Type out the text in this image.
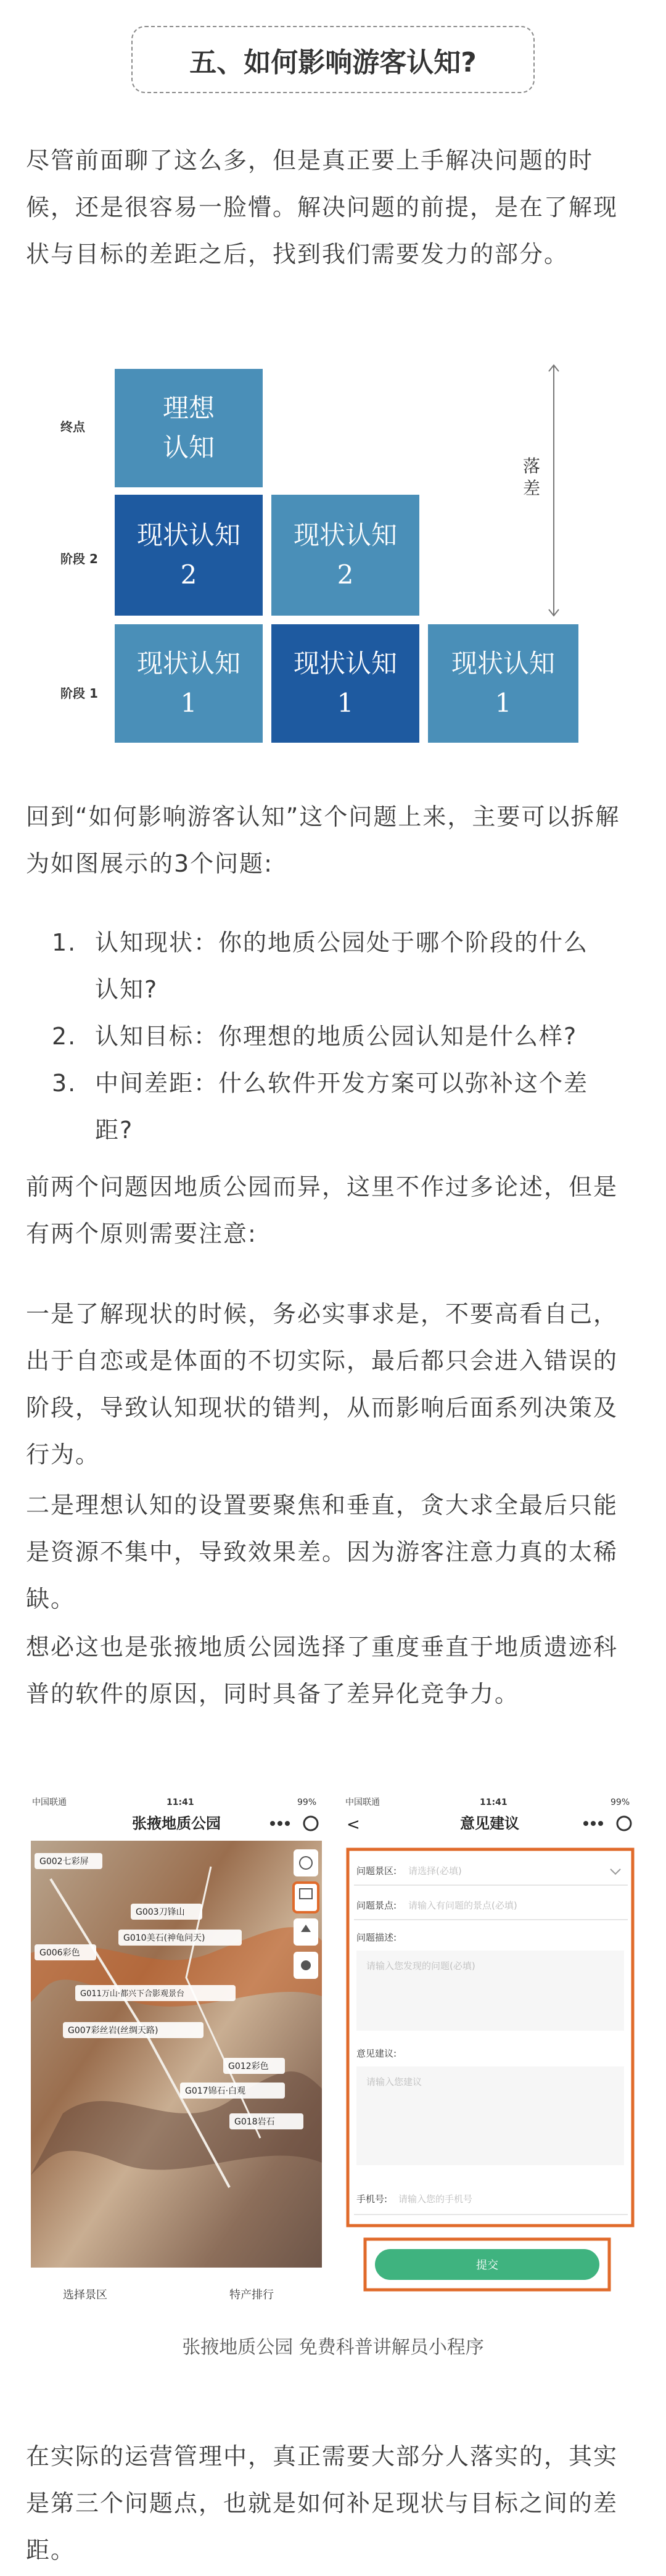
五、如何影响游客认知?

尽管前面聊了这么多，但是真正要上手解决问题的时候，还是很容易一脸懵。解决问题的前提，是在了解现状与目标的差距之后，找到我们需要发力的部分。

终点
阶段 2
阶段 1
理想
认知
现状认知
2
现状认知
2
现状认知
1
现状认知
1
现状认知
1
落差

回到“如何影响游客认知”这个问题上来，主要可以拆解为如图展示的3个问题:

1. 认知现状：你的地质公园处于哪个阶段的什么
认知?
2. 认知目标：你理想的地质公园认知是什么样?
3. 中间差距：什么软件开发方案可以弥补这个差
距?

前两个问题因地质公园而异，这里不作过多论述，但是有两个原则需要注意:

一是了解现状的时候，务必实事求是，不要高看自己，出于自恋或是体面的不切实际，最后都只会进入错误的阶段，导致认知现状的错判，从而影响后面系列决策及行为。

二是理想认知的设置要聚焦和垂直，贪大求全最后只能是资源不集中，导致效果差。因为游客注意力真的太稀缺。

想必这也是张掖地质公园选择了重度垂直于地质遗迹科普的软件的原因，同时具备了差异化竞争力。

中国联通	11:41	99%
张掖地质公园
G002七彩屏
G003刀锋山
G006彩色
G010美石(神龟问天)
G011万山·都兴下合影观景台
G007彩丝岩(丝绸天路)
G012彩色
G017锦石·白观
G018岩石
选择景区	特产排行
中国联通	11:41	99%
<	意见建议
问题景区: 请选择(必填)
问题景点: 请输入有问题的景点(必填)
问题描述:
请输入您发现的问题(必填)
意见建议:
请输入您建议
手机号: 请输入您的手机号
提交
张掖地质公园 免费科普讲解员小程序

在实际的运营管理中，真正需要大部分人落实的，其实是第三个问题点，也就是如何补足现状与目标之间的差距。
